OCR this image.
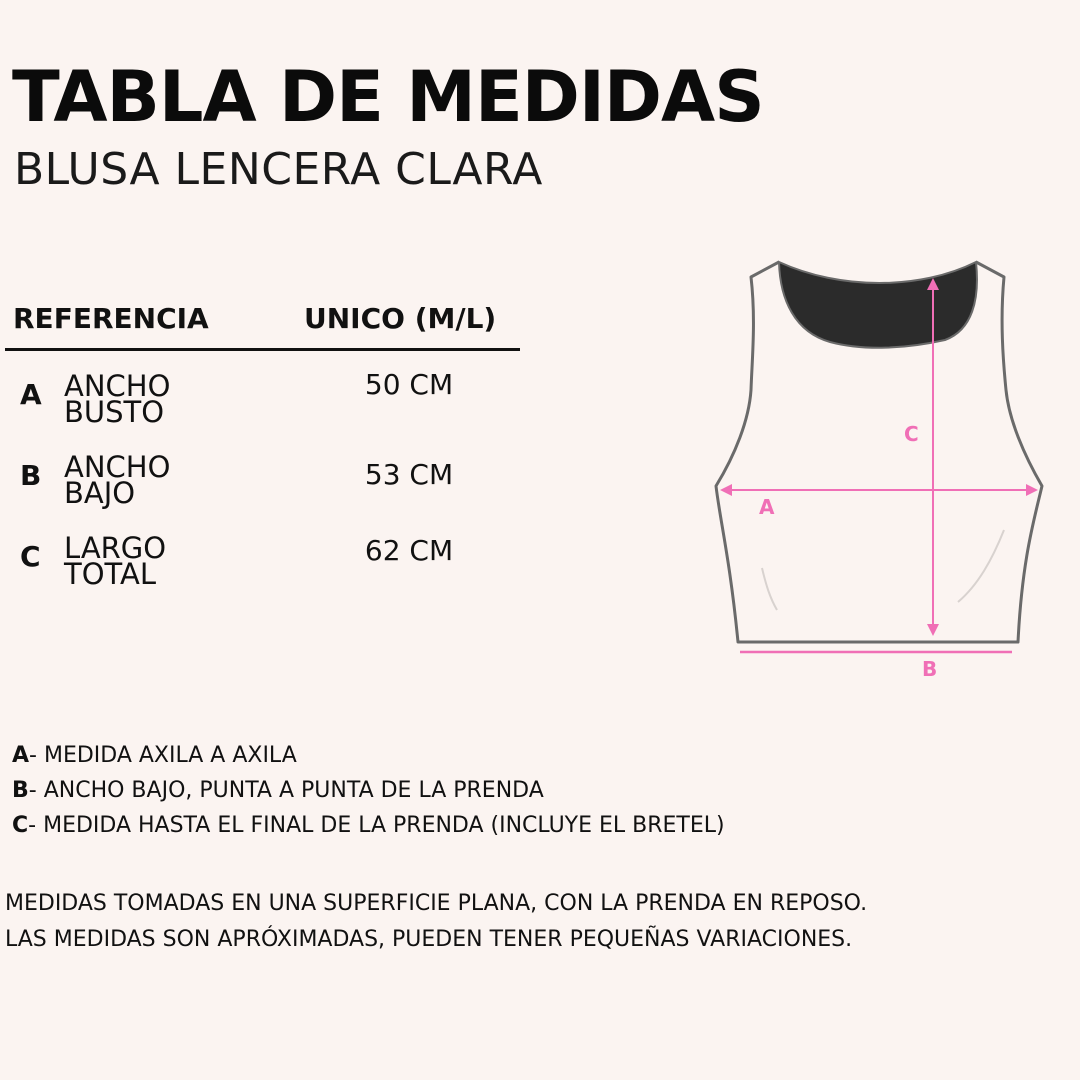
TABLA DE MEDIDAS
BLUSA LENCERA CLARA
REFERENCIA	UNICO (M/L)
A ANCHO
BUSTO
50 CM
B ANCHO
BAJO
53 CM
C LARGO
TOTAL
62 CM
A
B
C
A- MEDIDA AXILA A AXILA
B- ANCHO BAJO, PUNTA A PUNTA DE LA PRENDA
C- MEDIDA HASTA EL FINAL DE LA PRENDA (INCLUYE EL BRETEL)
MEDIDAS TOMADAS EN UNA SUPERFICIE PLANA, CON LA PRENDA EN REPOSO.
LAS MEDIDAS SON APRÓXIMADAS, PUEDEN TENER PEQUEÑAS VARIACIONES.
